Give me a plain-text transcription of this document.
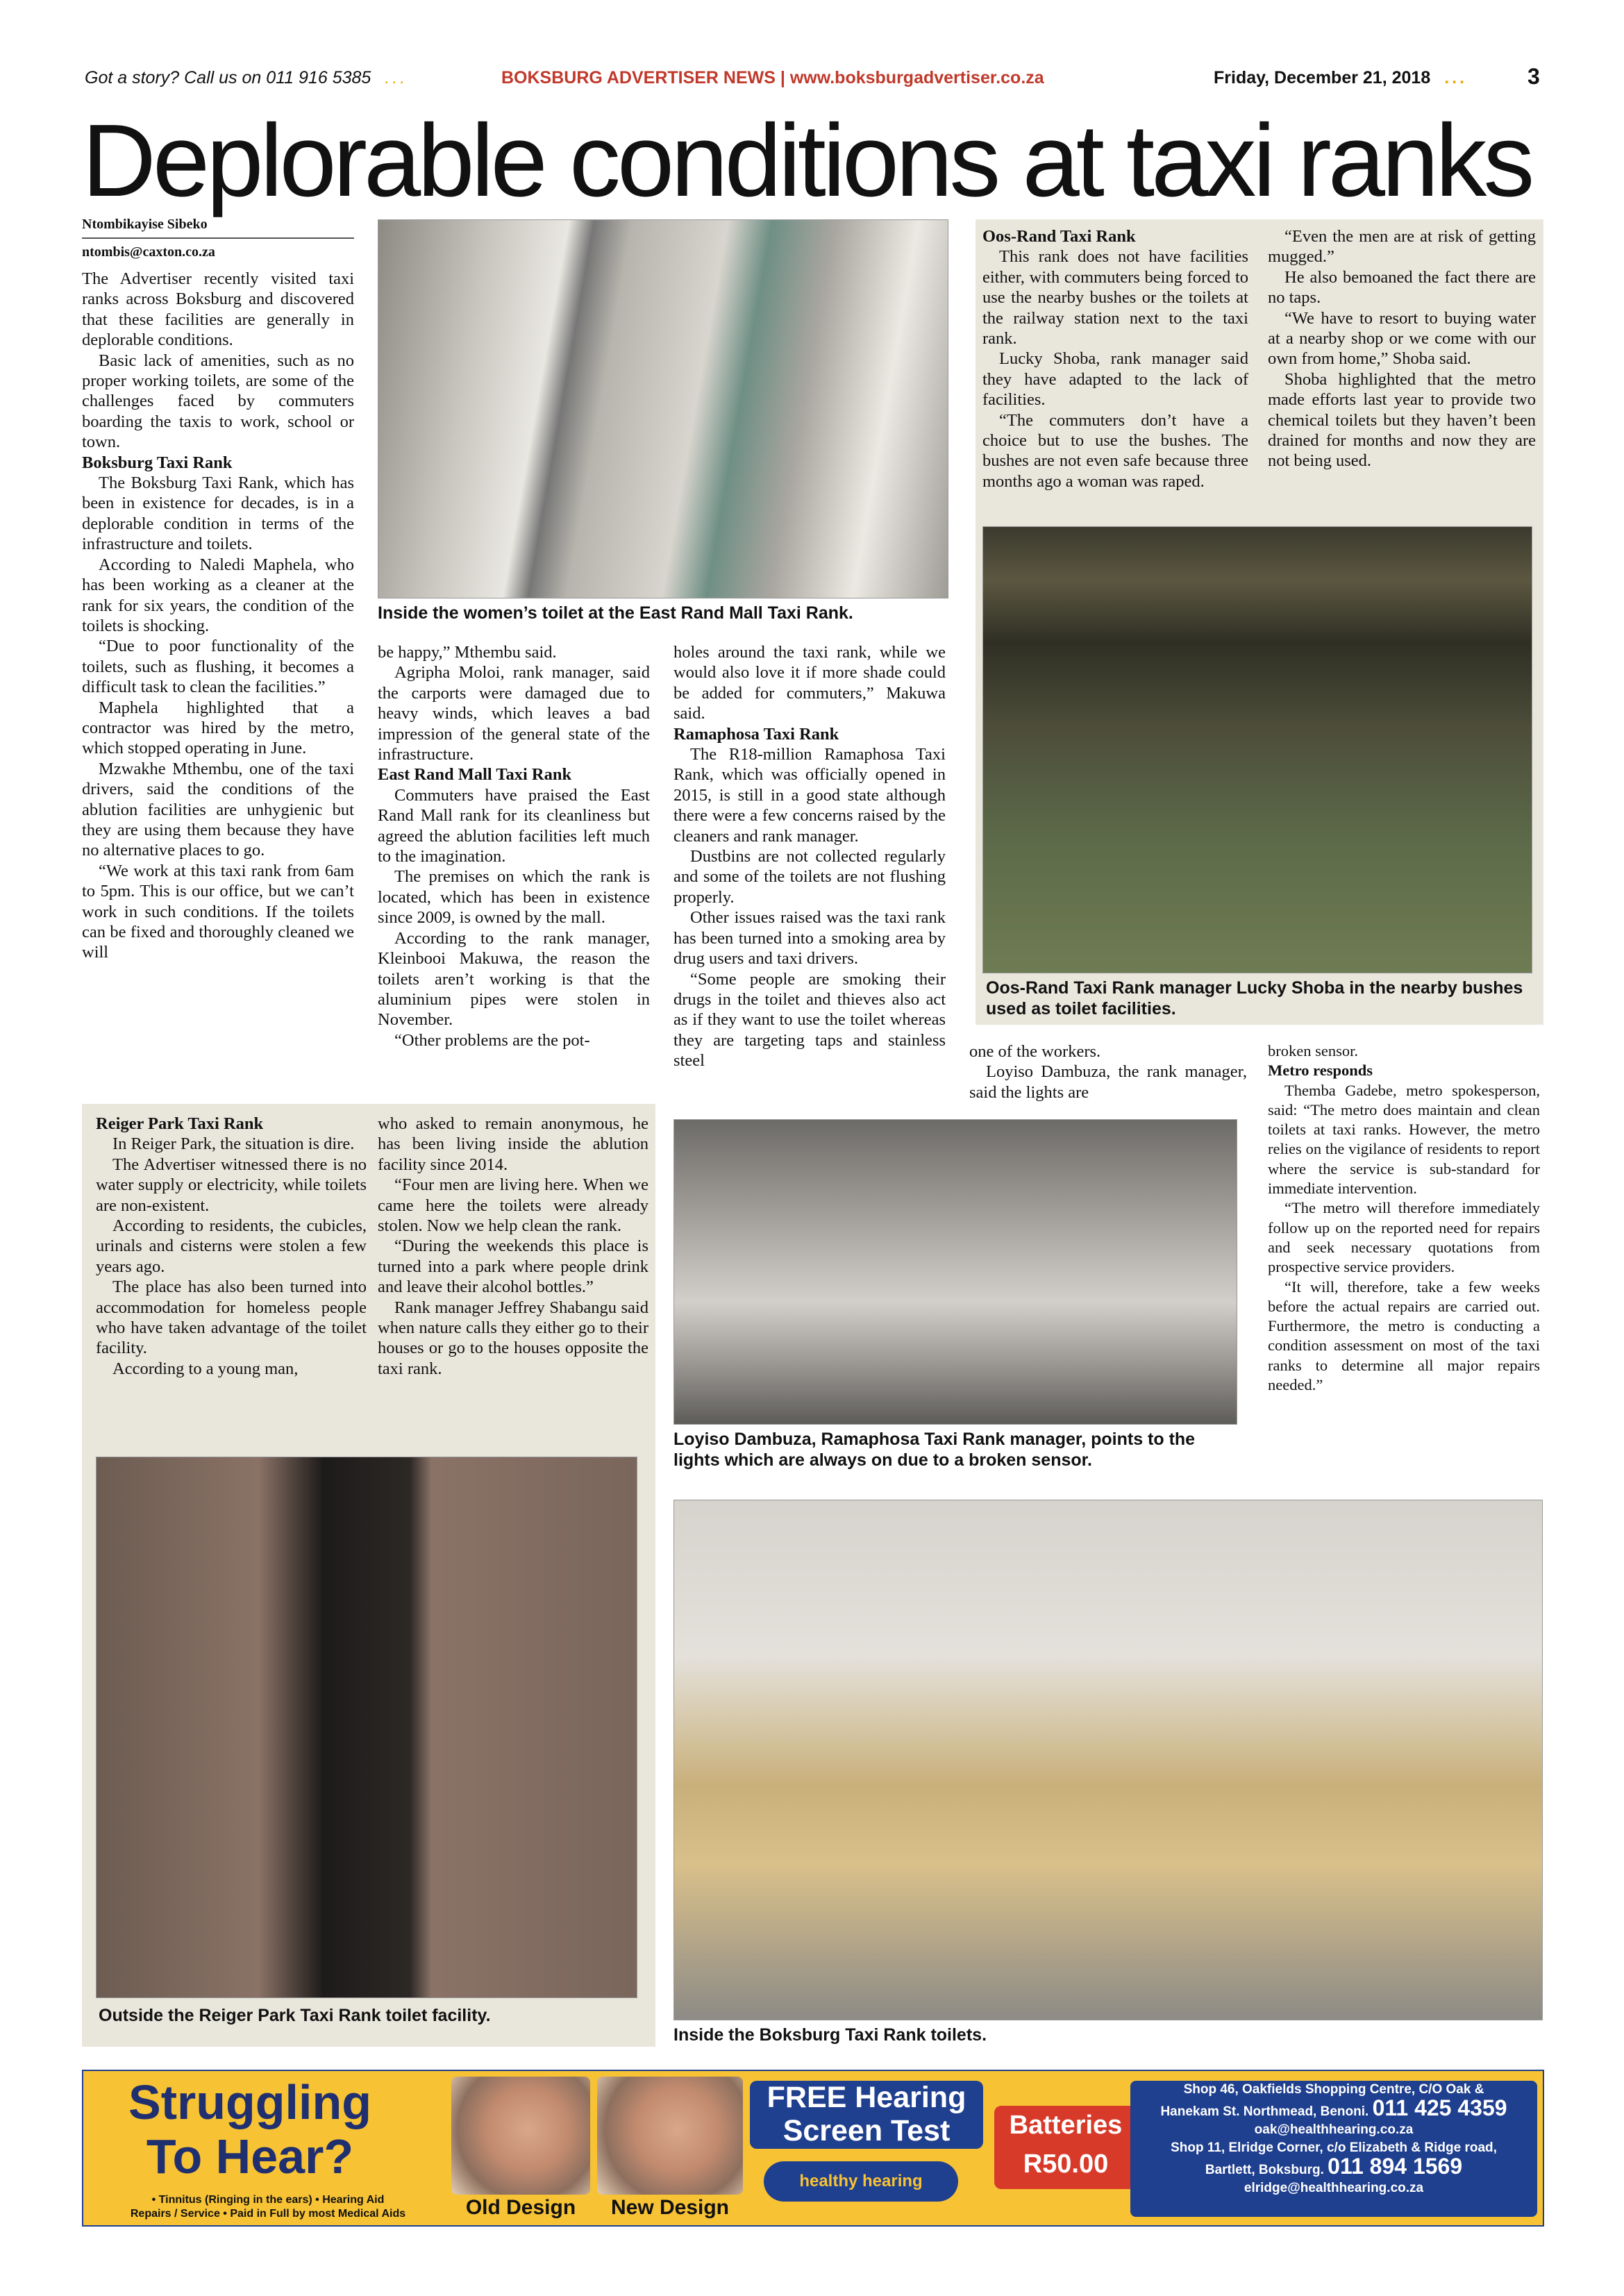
Got a story? Call us on 011 916 5385 ...	BOKSBURG ADVERTISER NEWS | www.boksburgadvertiser.co.za	Friday, December 21, 2018 ...	3
Deplorable conditions at taxi ranks
Ntombikayise Sibeko
ntombis@caxton.co.za

The Advertiser recently visited taxi ranks across Boksburg and discovered that these facilities are generally in deplorable conditions.

Basic lack of amenities, such as no proper working toilets, are some of the challenges faced by commuters boarding the taxis to work, school or town.

Boksburg Taxi Rank

The Boksburg Taxi Rank, which has been in existence for decades, is in a deplorable condition in terms of the infrastructure and toilets.

According to Naledi Maphela, who has been working as a cleaner at the rank for six years, the condition of the toilets is shocking.

“Due to poor functionality of the toilets, such as flushing, it becomes a difficult task to clean the facilities.”

Maphela highlighted that a contractor was hired by the metro, which stopped operating in June.

Mzwakhe Mthembu, one of the taxi drivers, said the conditions of the ablution facilities are unhygienic but they are using them because they have no alternative places to go.

“We work at this taxi rank from 6am to 5pm. This is our office, but we can’t work in such conditions. If the toilets can be fixed and thoroughly cleaned we will

Inside the women’s toilet at the East Rand Mall Taxi Rank.

be happy,” Mthembu said.

Agripha Moloi, rank manager, said the carports were damaged due to heavy winds, which leaves a bad impression of the general state of the infrastructure.

East Rand Mall Taxi Rank

Commuters have praised the East Rand Mall rank for its cleanliness but agreed the ablution facilities left much to the imagination.

The premises on which the rank is located, which has been in existence since 2009, is owned by the mall.

According to the rank manager, Kleinbooi Makuwa, the reason the toilets aren’t working is that the aluminium pipes were stolen in November.

“Other problems are the pot-

holes around the taxi rank, while we would also love it if more shade could be added for commuters,” Makuwa said.

Ramaphosa Taxi Rank

The R18-million Ramaphosa Taxi Rank, which was officially opened in 2015, is still in a good state although there were a few concerns raised by the cleaners and rank manager.

Dustbins are not collected regularly and some of the toilets are not flushing properly.

Other issues raised was the taxi rank has been turned into a smoking area by drug users and taxi drivers.

“Some people are smoking their drugs in the toilet and thieves also act as if they want to use the toilet whereas they are targeting taps and stainless steel

Oos-Rand Taxi Rank

This rank does not have facilities either, with commuters being forced to use the nearby bushes or the toilets at the railway station next to the taxi rank.

Lucky Shoba, rank manager said they have adapted to the lack of facilities.

“The commuters don’t have a choice but to use the bushes. The bushes are not even safe because three months ago a woman was raped.

“Even the men are at risk of getting mugged.”

He also bemoaned the fact there are no taps.

“We have to resort to buying water at a nearby shop or we come with our own from home,” Shoba said.

Shoba highlighted that the metro made efforts last year to provide two chemical toilets but they haven’t been drained for months and now they are not being used.

Oos-Rand Taxi Rank manager Lucky Shoba in the nearby bushes used as toilet facilities.

one of the workers.

Loyiso Dambuza, the rank manager, said the lights are

broken sensor.

Metro responds

Themba Gadebe, metro spokesperson, said: “The metro does maintain and clean toilets at taxi ranks. However, the metro relies on the vigilance of residents to report where the service is sub-standard for immediate intervention.

“The metro will therefore immediately follow up on the reported need for repairs and seek necessary quotations from prospective service providers.

“It will, therefore, take a few weeks before the actual repairs are carried out. Furthermore, the metro is conducting a condition assessment on most of the taxi ranks to determine all major repairs needed.”

Loyiso Dambuza, Ramaphosa Taxi Rank manager, points to the lights which are always on due to a broken sensor.

Reiger Park Taxi Rank

In Reiger Park, the situation is dire.

The Advertiser witnessed there is no water supply or electricity, while toilets are non-existent.

According to residents, the cubicles, urinals and cisterns were stolen a few years ago.

The place has also been turned into accommodation for homeless people who have taken advantage of the toilet facility.

According to a young man,

who asked to remain anonymous, he has been living inside the ablution facility since 2014.

“Four men are living here. When we came here the toilets were already stolen. Now we help clean the rank.

“During the weekends this place is turned into a park where people drink and leave their alcohol bottles.”

Rank manager Jeffrey Shabangu said when nature calls they either go to their houses or go to the houses opposite the taxi rank.

Outside the Reiger Park Taxi Rank toilet facility.
Inside the Boksburg Taxi Rank toilets.
Struggling
To Hear?
• Tinnitus (Ringing in the ears) • Hearing Aid
Repairs / Service • Paid in Full by most Medical Aids	Old Design	New Design
FREE Hearing
Screen Test
healthy hearing
Batteries
R50.00
Shop 46, Oakfields Shopping Centre, C/O Oak &
Hanekam St. Northmead, Benoni. 011 425 4359
oak@healthhearing.co.za
Shop 11, Elridge Corner, c/o Elizabeth & Ridge road,
Bartlett, Boksburg. 011 894 1569
elridge@healthhearing.co.za
